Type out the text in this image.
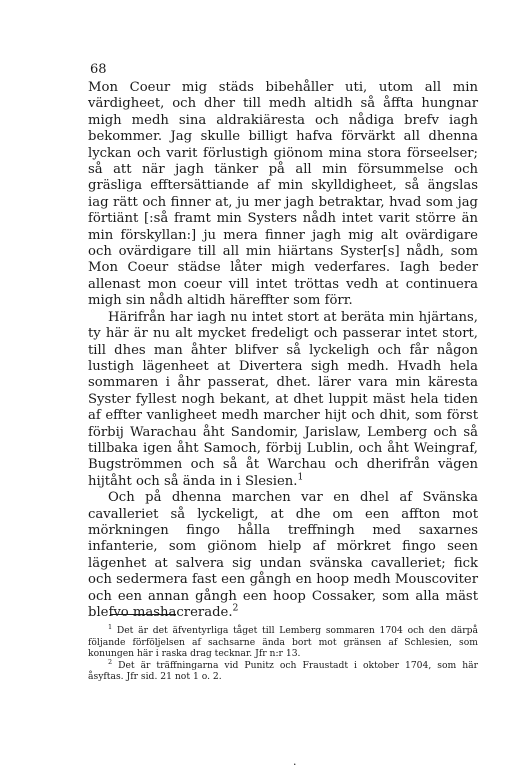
68

Mon Coeur mig städs bibehåller uti, utom all min värdigheet, och dher till medh altidh så åffta hungnar migh medh sina aldrakiäresta och nådiga brefv iagh bekommer. Jag skulle billigt hafva förvärkt all dhenna lyckan och varit förlustigh giönom mina stora förseelser; så att när jagh tänker på all min försummelse och gräsliga efftersättiande af min skylldighеet, så ängslas iag rätt och finner at, ju mer jagh betraktar, hvad som jag förtiänt [:så framt min Systers nådh intet varit större än min förskyllan:] ju mera finner jagh mig alt ovärdigare och ovärdigare till all min hiärtans Syster[s] nådh, som Mon Coeur städse låter migh vederfares. Iagh beder allenast mon coeur vill intet tröttas vedh at continuera migh sin nådh altidh häreffter som förr.

Härifrån har iagh nu intet stort at beräta min hjärtans, ty här är nu alt mycket fredeligt och passerar intet stort, till dhes man åhter blifver så lyckeligh och får någon lustigh lägenheet at Divertera sigh medh. Hvadh hela sommaren i åhr passerat, dhet. lärer vara min käresta Syster fyllest nogh bekant, at dhet luppit mäst hela tiden af effter vanligheet medh marcher hijt och dhit, som först förbij Warachau åht Sandomir, Jarislaw, Lemberg och så tillbaka igen åht Samoch, förbij Lublin, och åht Weingraf, Bugströmmen och så åt Warchau och dherifrån vägen hijtåht och så ända in i Slesien.$^1$

Och på dhenna marchen var en dhel af Svänska cavalleriet så lyckeligt, at dhe om een affton mot mörkningen fingo hålla treffningh med saxarnes infanterie, som giönom hielp af mörkret fingo seen lägenhet at salvera sig undan svänska cavalleriet; fick och sedermera fast een gångh en hoop medh Mouscoviter och een annan gångh een hoop Cossaker, som alla mäst blefvo mashacrerade.$^2$

$^1$ Det är det äfventyrliga tåget till Lemberg sommaren 1704 och den därpå följande förföljelsen af sachsarne ända bort mot gränsen af Schlesien, som konungen här i raska drag tecknar. Jfr n:r 13.

$^2$ Det är träffningarna vid Punitz och Fraustadt i oktober 1704, som här åsyftas. Jfr sid. 21 not 1 o. 2.

·
